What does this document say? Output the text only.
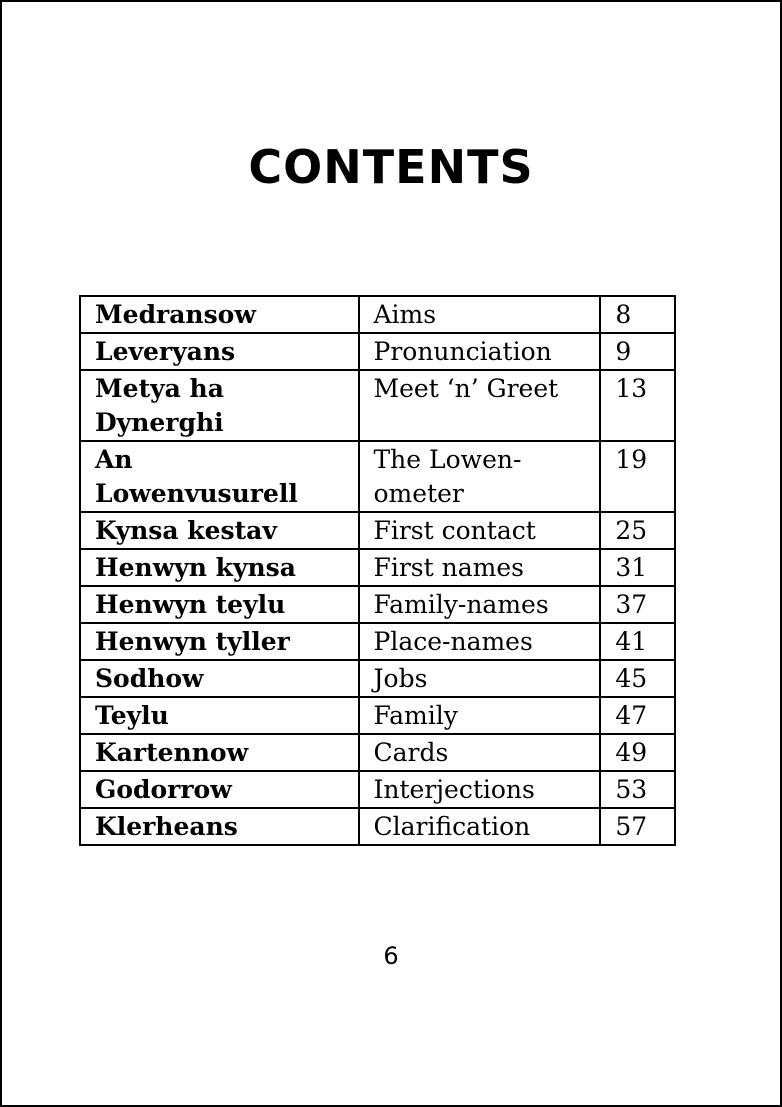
CONTENTS
Medransow	Aims	8
Leveryans	Pronunciation	9
Metya ha Dynerghi	Meet ‘n’ Greet	13
An Lowenvusurell	The Lowen-ometer	19
Kynsa kestav	First contact	25
Henwyn kynsa	First names	31
Henwyn teylu	Family-names	37
Henwyn tyller	Place-names	41
Sodhow	Jobs	45
Teylu	Family	47
Kartennow	Cards	49
Godorrow	Interjections	53
Klerheans	Clarification	57
6
